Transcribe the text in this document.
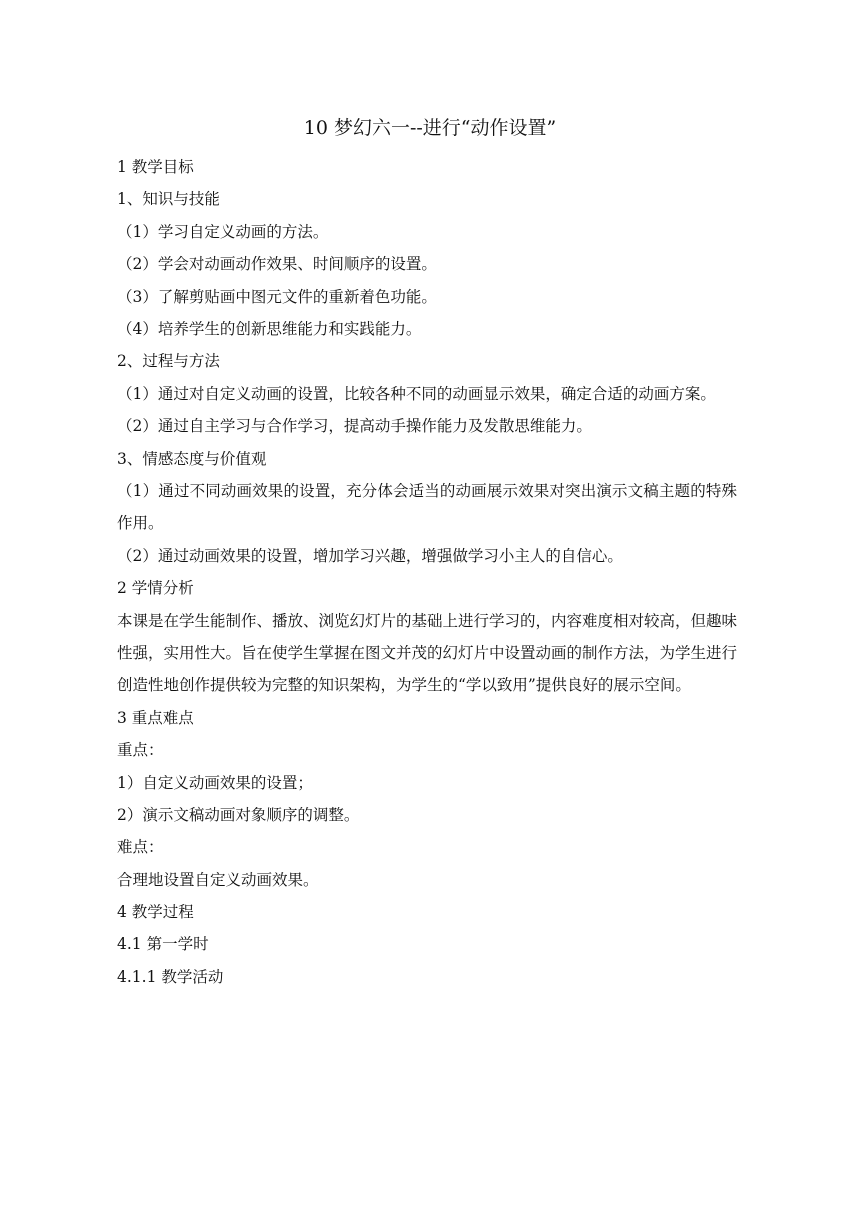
10 梦幻六一--进行“动作设置”
1 教学目标
1、知识与技能
（1）学习自定义动画的方法。
（2）学会对动画动作效果、时间顺序的设置。
（3）了解剪贴画中图元文件的重新着色功能。
（4）培养学生的创新思维能力和实践能力。
2、过程与方法
（1）通过对自定义动画的设置，比较各种不同的动画显示效果，确定合适的动画方案。
（2）通过自主学习与合作学习，提高动手操作能力及发散思维能力。
3、情感态度与价值观
（1）通过不同动画效果的设置，充分体会适当的动画展示效果对突出演示文稿主题的特殊作用。
（2）通过动画效果的设置，增加学习兴趣，增强做学习小主人的自信心。
2 学情分析
本课是在学生能制作、播放、浏览幻灯片的基础上进行学习的，内容难度相对较高，但趣味性强，实用性大。旨在使学生掌握在图文并茂的幻灯片中设置动画的制作方法，为学生进行创造性地创作提供较为完整的知识架构，为学生的“学以致用”提供良好的展示空间。
3 重点难点
重点：
1）自定义动画效果的设置；
2）演示文稿动画对象顺序的调整。
难点：
合理地设置自定义动画效果。
4 教学过程
4.1 第一学时
4.1.1 教学活动
